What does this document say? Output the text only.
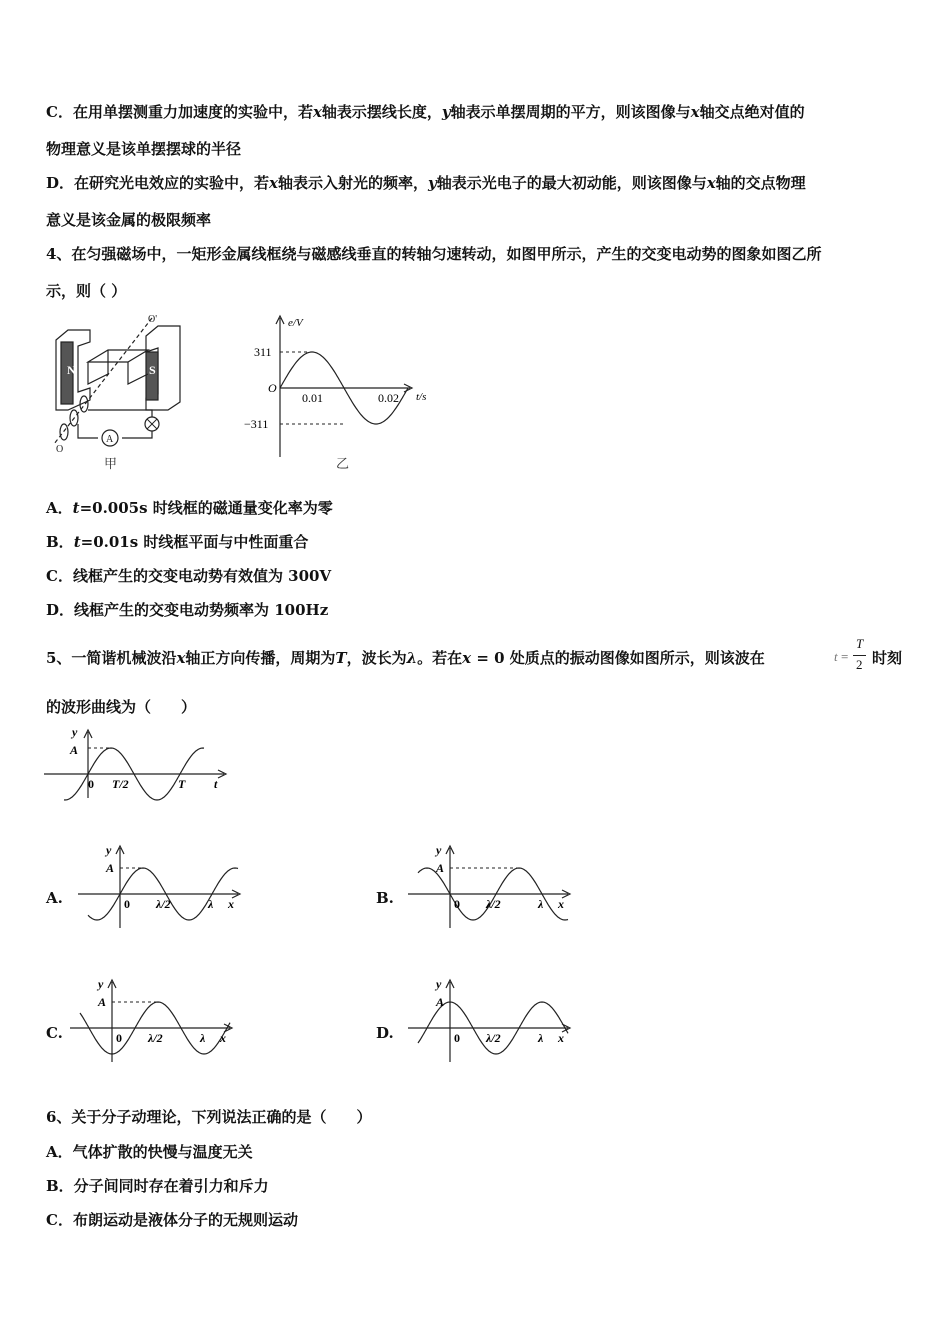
C．在用单摆测重力加速度的实验中，若x轴表示摆线长度，y轴表示单摆周期的平方，则该图像与x轴交点绝对值的
物理意义是该单摆摆球的半径
D．在研究光电效应的实验中，若x轴表示入射光的频率，y轴表示光电子的最大初动能，则该图像与x轴的交点物理
意义是该金属的极限频率
4、在匀强磁场中，一矩形金属线框绕与磁感线垂直的转轴匀速转动，如图甲所示，产生的交变电动势的图象如图乙所
示，则（ ）
N	S
O'
O
A
甲
e/V
t/s
O
311
−311
0.01	0.02
乙
A．t=0.005s 时线框的磁通量变化率为零
B．t=0.01s 时线框平面与中性面重合
C．线框产生的交变电动势有效值为 300V
D．线框产生的交变电动势频率为 100Hz
5、一简谐机械波沿x轴正方向传播，周期为T，波长为λ。若在x = 0 处质点的振动图像如图所示，则该波在	t =
T
2 时刻
的波形曲线为（　　）
y
A
0 T/2	T t
A.	B.
C.	D.
y
A
0 λ/2	λ x
y
A
0 λ/2	λ x
y
A
0 λ/2	λ x
y
A
0 λ/2	λ x
6、关于分子动理论，下列说法正确的是（　　）
A．气体扩散的快慢与温度无关
B．分子间同时存在着引力和斥力
C．布朗运动是液体分子的无规则运动
